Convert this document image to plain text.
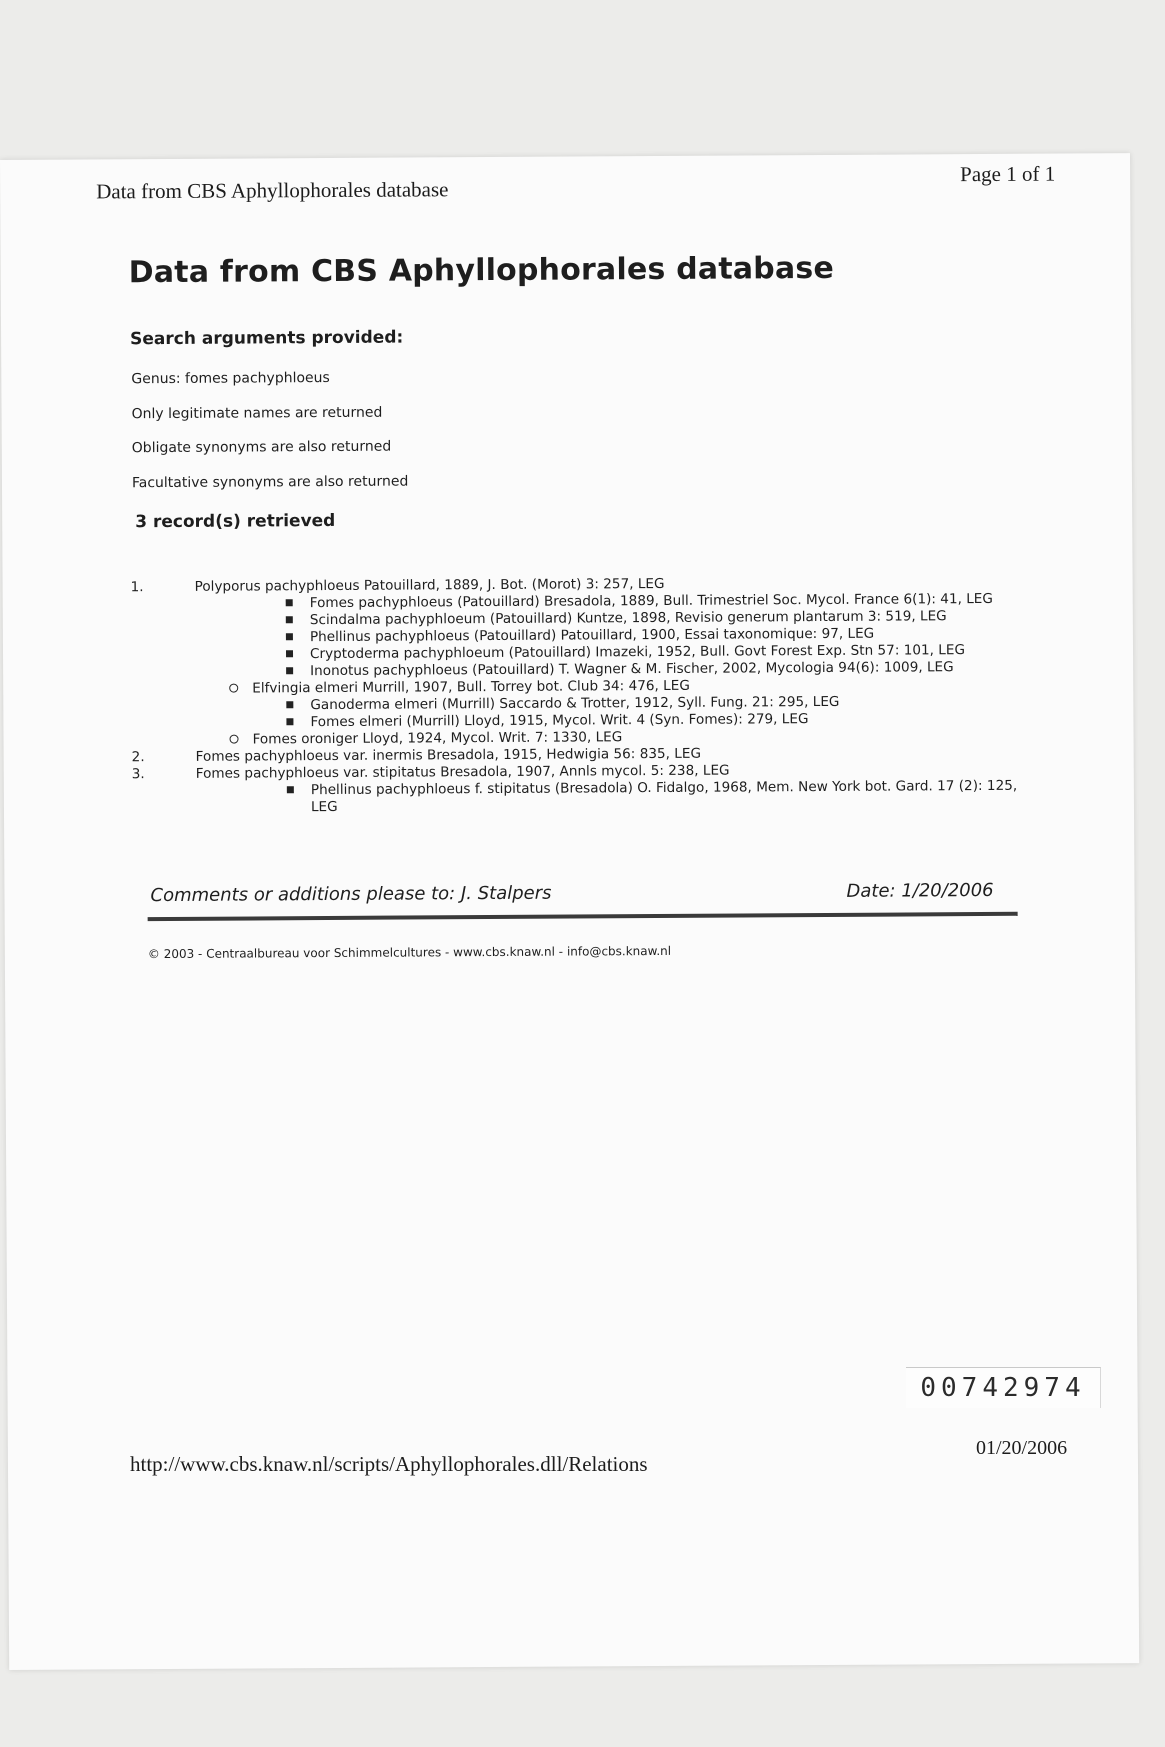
Data from CBS Aphyllophorales database
Page 1 of 1
Data from CBS Aphyllophorales database
Search arguments provided:
Genus: fomes pachyphloeus
Only legitimate names are returned
Obligate synonyms are also returned
Facultative synonyms are also returned
3 record(s) retrieved
1.	Polyporus pachyphloeus Patouillard, 1889, J. Bot. (Morot) 3: 257, LEG
Fomes pachyphloeus (Patouillard) Bresadola, 1889, Bull. Trimestriel Soc. Mycol. France 6(1): 41, LEG
Scindalma pachyphloeum (Patouillard) Kuntze, 1898, Revisio generum plantarum 3: 519, LEG
Phellinus pachyphloeus (Patouillard) Patouillard, 1900, Essai taxonomique: 97, LEG
Cryptoderma pachyphloeum (Patouillard) Imazeki, 1952, Bull. Govt Forest Exp. Stn 57: 101, LEG
Inonotus pachyphloeus (Patouillard) T. Wagner & M. Fischer, 2002, Mycologia 94(6): 1009, LEG
Elfvingia elmeri Murrill, 1907, Bull. Torrey bot. Club 34: 476, LEG
Ganoderma elmeri (Murrill) Saccardo & Trotter, 1912, Syll. Fung. 21: 295, LEG
Fomes elmeri (Murrill) Lloyd, 1915, Mycol. Writ. 4 (Syn. Fomes): 279, LEG
Fomes oroniger Lloyd, 1924, Mycol. Writ. 7: 1330, LEG
2.	Fomes pachyphloeus var. inermis Bresadola, 1915, Hedwigia 56: 835, LEG
3.	Fomes pachyphloeus var. stipitatus Bresadola, 1907, Annls mycol. 5: 238, LEG
Phellinus pachyphloeus f. stipitatus (Bresadola) O. Fidalgo, 1968, Mem. New York bot. Gard. 17 (2): 125, LEG
Comments or additions please to: J. Stalpers	Date: 1/20/2006
© 2003 - Centraalbureau voor Schimmelcultures - www.cbs.knaw.nl - info@cbs.knaw.nl
00742974
http://www.cbs.knaw.nl/scripts/Aphyllophorales.dll/Relations
01/20/2006
